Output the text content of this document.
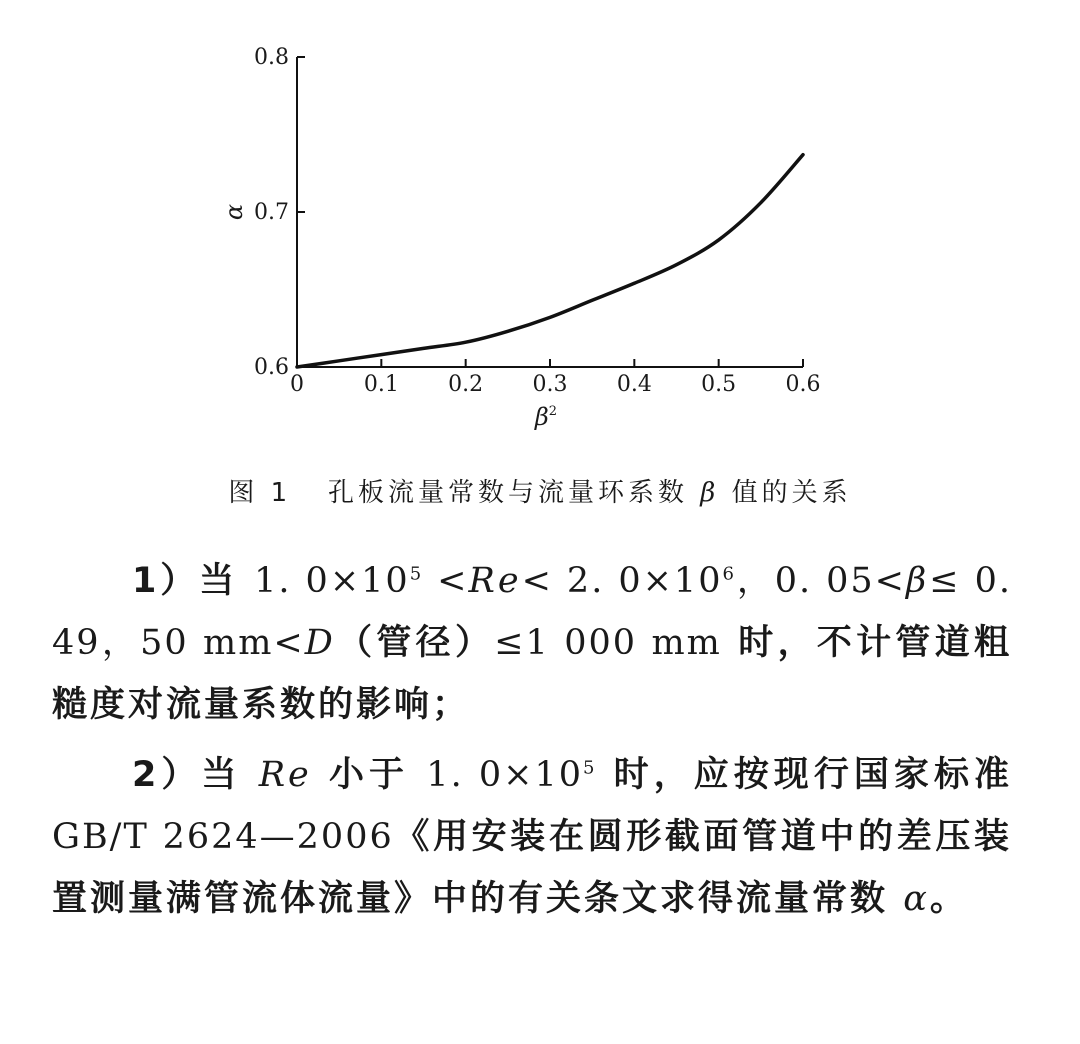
0	0.1 0.2 0.3 0.4 0.5 0.6
0.6
0.7
0.8
α
$\beta^2$
图 1 孔板流量常数与流量环系数 β 值的关系
1）当 1. $0\times 10^5 <Re< 2$. $0\times 10^6$，0. 05<β≤ 0. 49，50 mm<D（管径）≤1 000 mm 时，不计管道粗糙度对流量系数的影响；
2）当 Re 小于 1. $0\times 10^5$ 时，应按现行国家标准 GB/T 2624—2006《用安装在圆形截面管道中的差压装置测量满管流体流量》中的有关条文求得流量常数 α。
